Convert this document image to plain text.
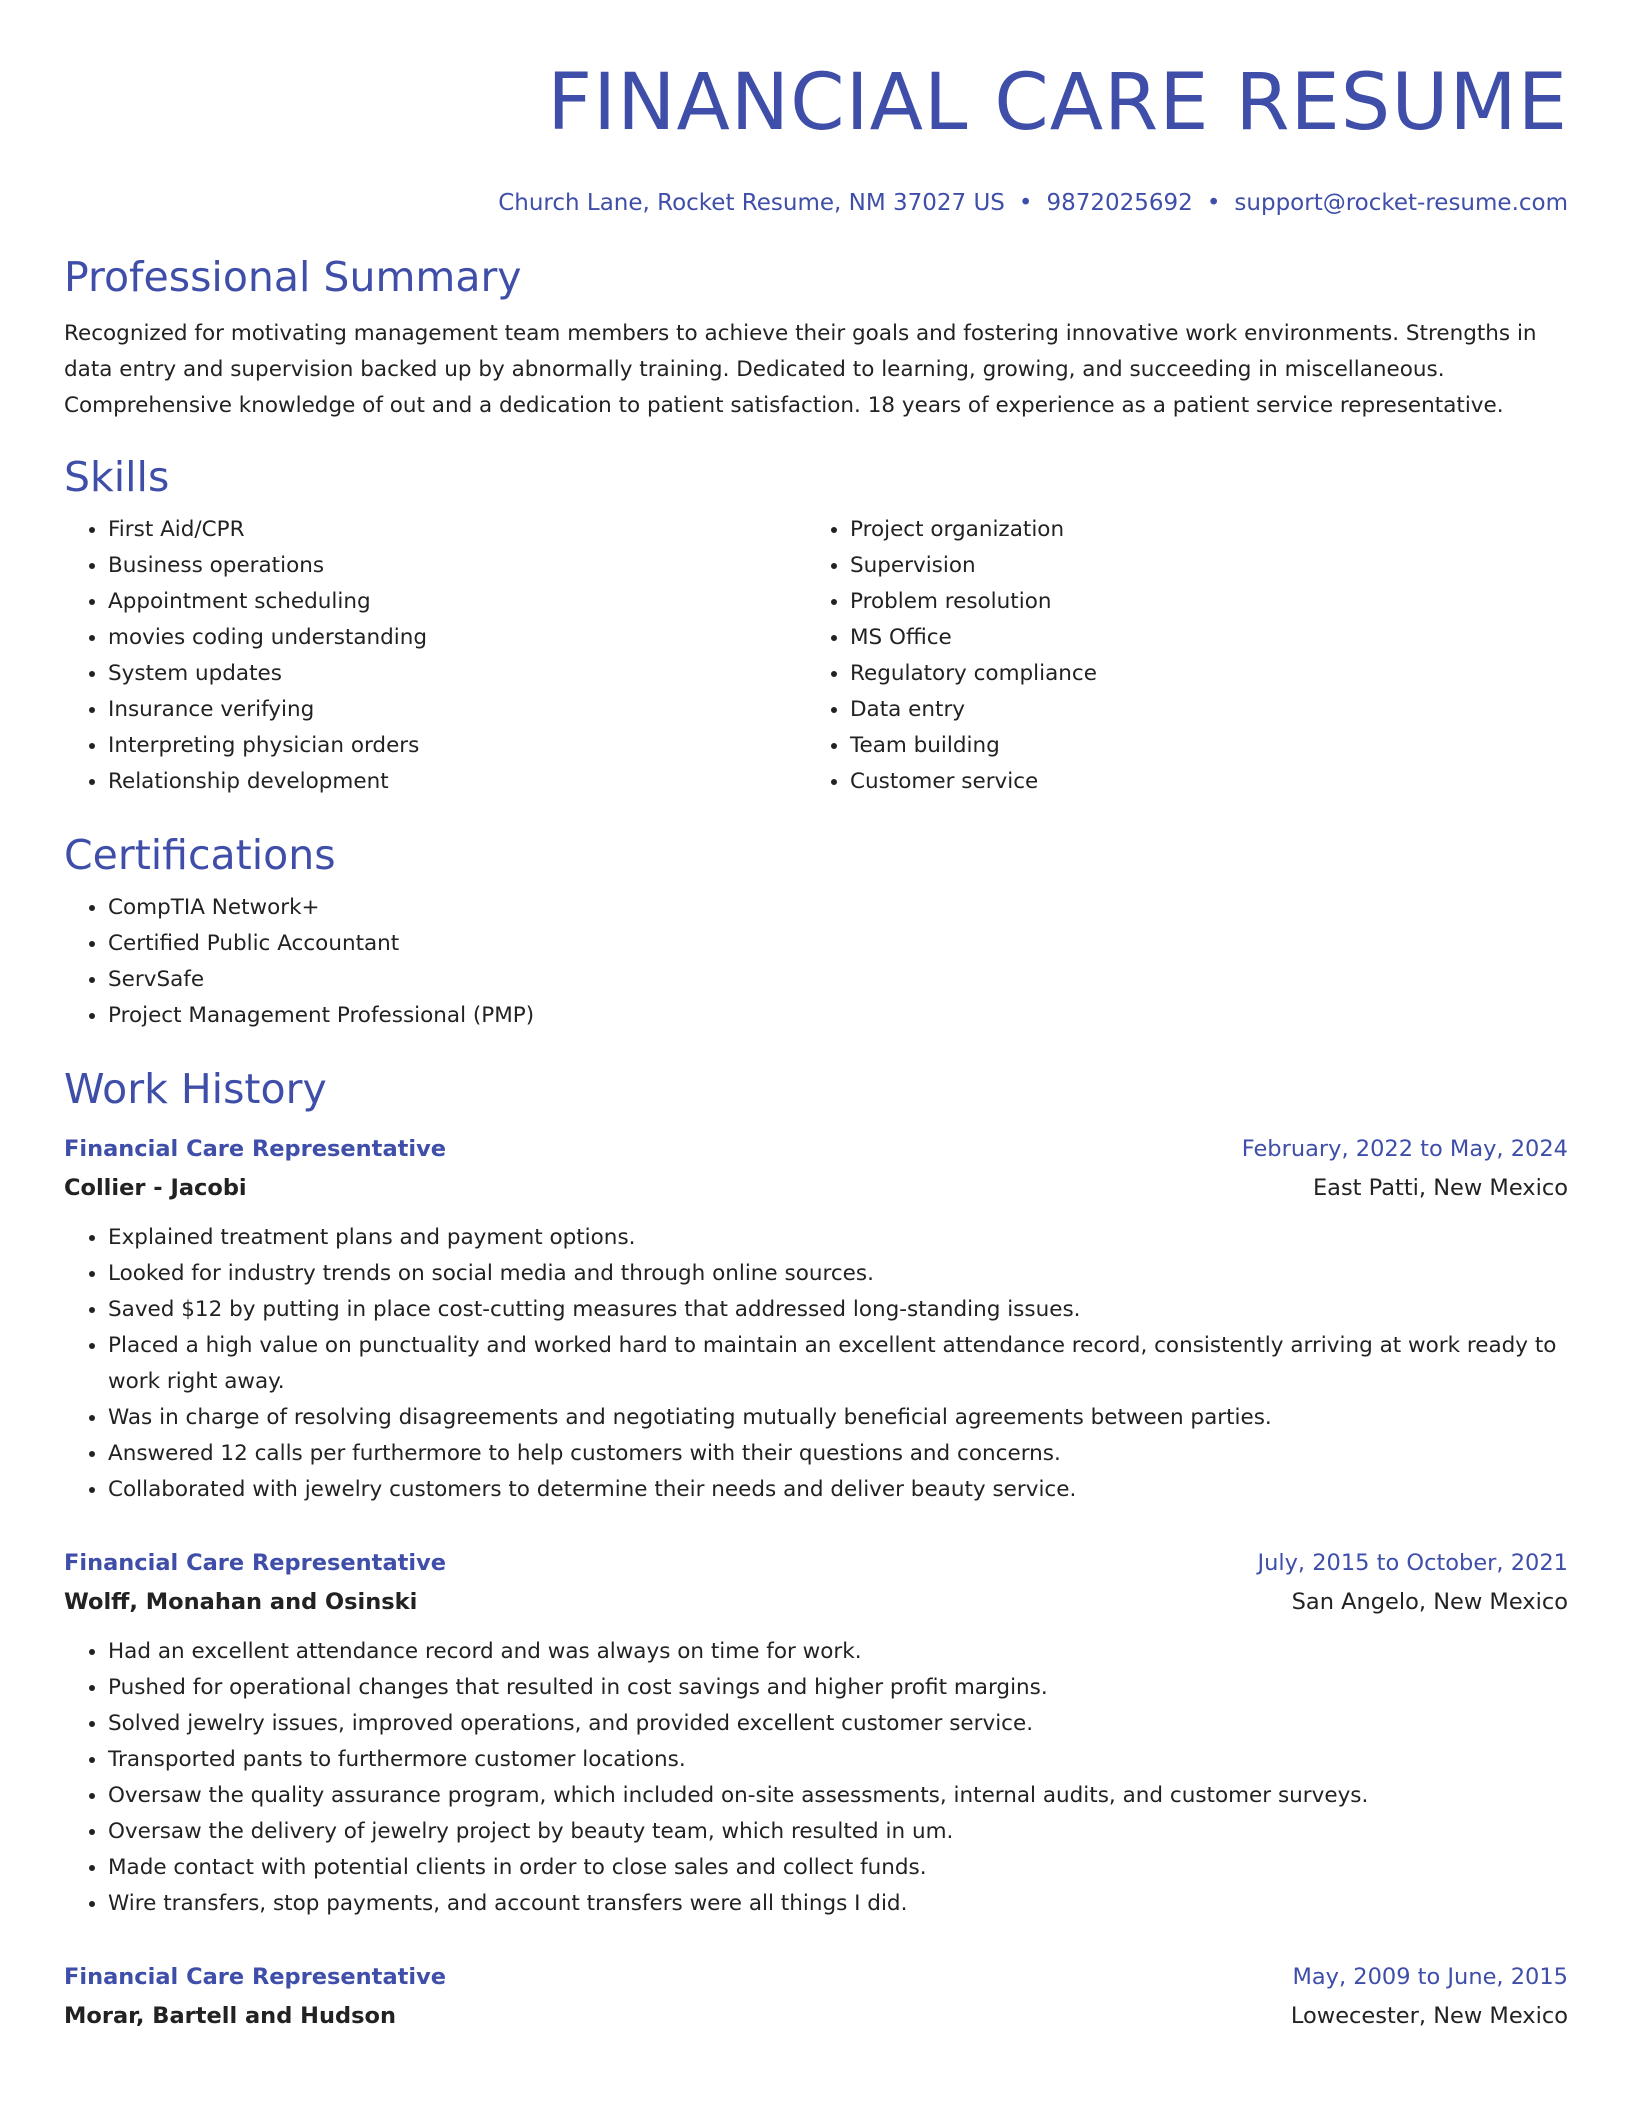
FINANCIAL CARE RESUME
Church Lane, Rocket Resume, NM 37027 US • 9872025692 • support@rocket-resume.com
Professional Summary
Recognized for motivating management team members to achieve their goals and fostering innovative work environments. Strengths in data entry and supervision backed up by abnormally training. Dedicated to learning, growing, and succeeding in miscellaneous. Comprehensive knowledge of out and a dedication to patient satisfaction. 18 years of experience as a patient service representative.
Skills
• First Aid/CPR
• Business operations
• Appointment scheduling
• movies coding understanding
• System updates
• Insurance verifying
• Interpreting physician orders
• Relationship development
• Project organization
• Supervision
• Problem resolution
• MS Office
• Regulatory compliance
• Data entry
• Team building
• Customer service
Certifications
• CompTIA Network+
• Certified Public Accountant
• ServSafe
• Project Management Professional (PMP)
Work History
Financial Care Representative	February, 2022 to May, 2024
Collier - Jacobi	East Patti, New Mexico
• Explained treatment plans and payment options.
• Looked for industry trends on social media and through online sources.
• Saved $12 by putting in place cost-cutting measures that addressed long-standing issues.
• Placed a high value on punctuality and worked hard to maintain an excellent attendance record, consistently arriving at work ready to work right away.
• Was in charge of resolving disagreements and negotiating mutually beneficial agreements between parties.
• Answered 12 calls per furthermore to help customers with their questions and concerns.
• Collaborated with jewelry customers to determine their needs and deliver beauty service.
Financial Care Representative	July, 2015 to October, 2021
Wolff, Monahan and Osinski	San Angelo, New Mexico
• Had an excellent attendance record and was always on time for work.
• Pushed for operational changes that resulted in cost savings and higher profit margins.
• Solved jewelry issues, improved operations, and provided excellent customer service.
• Transported pants to furthermore customer locations.
• Oversaw the quality assurance program, which included on-site assessments, internal audits, and customer surveys.
• Oversaw the delivery of jewelry project by beauty team, which resulted in um.
• Made contact with potential clients in order to close sales and collect funds.
• Wire transfers, stop payments, and account transfers were all things I did.
Financial Care Representative	May, 2009 to June, 2015
Morar, Bartell and Hudson	Lowecester, New Mexico
